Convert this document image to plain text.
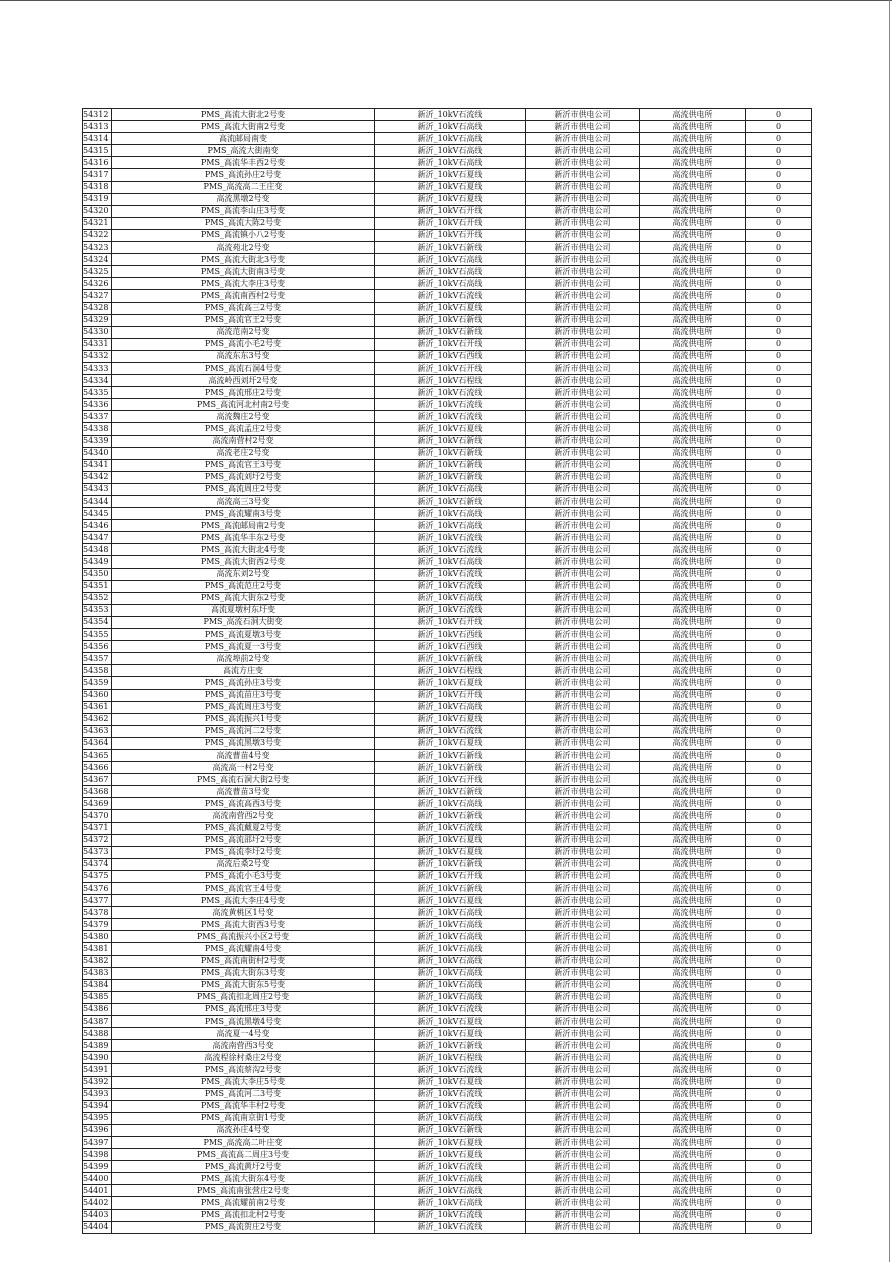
54312	PMS_高流大街北2号变	新沂_10kV石流线	新沂市供电公司	高流供电所	0
54313	PMS_高流大街南2号变	新沂_10kV石高线	新沂市供电公司	高流供电所	0
54314	高流邮局南变	新沂_10kV石高线	新沂市供电公司	高流供电所	0
54315	PMS_高流大街南变	新沂_10kV石高线	新沂市供电公司	高流供电所	0
54316	PMS_高流华丰西2号变	新沂_10kV石高线	新沂市供电公司	高流供电所	0
54317	PMS_高流孙庄2号变	新沂_10kV石夏线	新沂市供电公司	高流供电所	0
54318	PMS_高流高二王庄变	新沂_10kV石夏线	新沂市供电公司	高流供电所	0
54319	高流黑墩2号变	新沂_10kV石夏线	新沂市供电公司	高流供电所	0
54320	PMS_高流李山庄3号变	新沂_10kV石开线	新沂市供电公司	高流供电所	0
54321	PMS_高流大陈2号变	新沂_10kV石开线	新沂市供电公司	高流供电所	0
54322	PMS_高流镇小八2号变	新沂_10kV石开线	新沂市供电公司	高流供电所	0
54323	高流苑北2号变	新沂_10kV石新线	新沂市供电公司	高流供电所	0
54324	PMS_高流大街北3号变	新沂_10kV石高线	新沂市供电公司	高流供电所	0
54325	PMS_高流大街南3号变	新沂_10kV石高线	新沂市供电公司	高流供电所	0
54326	PMS_高流大李庄3号变	新沂_10kV石高线	新沂市供电公司	高流供电所	0
54327	PMS_高流南西村2号变	新沂_10kV石流线	新沂市供电公司	高流供电所	0
54328	PMS_高流高三2号变	新沂_10kV石夏线	新沂市供电公司	高流供电所	0
54329	PMS_高流官王2号变	新沂_10kV石新线	新沂市供电公司	高流供电所	0
54330	高流范南2号变	新沂_10kV石新线	新沂市供电公司	高流供电所	0
54331	PMS_高流小毛2号变	新沂_10kV石开线	新沂市供电公司	高流供电所	0
54332	高流东东3号变	新沂_10kV石西线	新沂市供电公司	高流供电所	0
54333	PMS_高流石洞4号变	新沂_10kV石开线	新沂市供电公司	高流供电所	0
54334	高流岭西刘圩2号变	新沂_10kV石程线	新沂市供电公司	高流供电所	0
54335	PMS_高流邢庄2号变	新沂_10kV石流线	新沂市供电公司	高流供电所	0
54336	PMS_高流河北村南2号变	新沂_10kV石流线	新沂市供电公司	高流供电所	0
54337	高流魏庄2号变	新沂_10kV石流线	新沂市供电公司	高流供电所	0
54338	PMS_高流孟庄2号变	新沂_10kV石夏线	新沂市供电公司	高流供电所	0
54339	高流南营村2号变	新沂_10kV石新线	新沂市供电公司	高流供电所	0
54340	高流老庄2号变	新沂_10kV石新线	新沂市供电公司	高流供电所	0
54341	PMS_高流官王3号变	新沂_10kV石新线	新沂市供电公司	高流供电所	0
54342	PMS_高流刘圩2号变	新沂_10kV石新线	新沂市供电公司	高流供电所	0
54343	PMS_高流周庄2号变	新沂_10kV石高线	新沂市供电公司	高流供电所	0
54344	高流高三3号变	新沂_10kV石新线	新沂市供电公司	高流供电所	0
54345	PMS_高流耀南3号变	新沂_10kV石高线	新沂市供电公司	高流供电所	0
54346	PMS_高流邮局南2号变	新沂_10kV石高线	新沂市供电公司	高流供电所	0
54347	PMS_高流华丰东2号变	新沂_10kV石流线	新沂市供电公司	高流供电所	0
54348	PMS_高流大街北4号变	新沂_10kV石流线	新沂市供电公司	高流供电所	0
54349	PMS_高流大街西2号变	新沂_10kV石高线	新沂市供电公司	高流供电所	0
54350	高流东刘2号变	新沂_10kV石流线	新沂市供电公司	高流供电所	0
54351	PMS_高流范庄2号变	新沂_10kV石流线	新沂市供电公司	高流供电所	0
54352	PMS_高流大街东2号变	新沂_10kV石高线	新沂市供电公司	高流供电所	0
54353	高流夏墩村东圩变	新沂_10kV石流线	新沂市供电公司	高流供电所	0
54354	PMS_高流石洞大街变	新沂_10kV石开线	新沂市供电公司	高流供电所	0
54355	PMS_高流夏墩3号变	新沂_10kV石西线	新沂市供电公司	高流供电所	0
54356	PMS_高流夏一3号变	新沂_10kV石西线	新沂市供电公司	高流供电所	0
54357	高流埠前2号变	新沂_10kV石新线	新沂市供电公司	高流供电所	0
54358	高流方庄变	新沂_10kV石程线	新沂市供电公司	高流供电所	0
54359	PMS_高流孙庄3号变	新沂_10kV石夏线	新沂市供电公司	高流供电所	0
54360	PMS_高流苗庄3号变	新沂_10kV石开线	新沂市供电公司	高流供电所	0
54361	PMS_高流周庄3号变	新沂_10kV石高线	新沂市供电公司	高流供电所	0
54362	PMS_高流振兴1号变	新沂_10kV石夏线	新沂市供电公司	高流供电所	0
54363	PMS_高流河二2号变	新沂_10kV石流线	新沂市供电公司	高流供电所	0
54364	PMS_高流黑墩3号变	新沂_10kV石夏线	新沂市供电公司	高流供电所	0
54365	高流曹苗4号变	新沂_10kV石新线	新沂市供电公司	高流供电所	0
54366	高流高一村2号变	新沂_10kV石新线	新沂市供电公司	高流供电所	0
54367	PMS_高流石洞大街2号变	新沂_10kV石开线	新沂市供电公司	高流供电所	0
54368	高流曹苗3号变	新沂_10kV石新线	新沂市供电公司	高流供电所	0
54369	PMS_高流高西3号变	新沂_10kV石高线	新沂市供电公司	高流供电所	0
54370	高流南营西2号变	新沂_10kV石新线	新沂市供电公司	高流供电所	0
54371	PMS_高流戴夏2号变	新沂_10kV石流线	新沂市供电公司	高流供电所	0
54372	PMS_高流邵圩2号变	新沂_10kV石夏线	新沂市供电公司	高流供电所	0
54373	PMS_高流李圩2号变	新沂_10kV石夏线	新沂市供电公司	高流供电所	0
54374	高流后桑2号变	新沂_10kV石新线	新沂市供电公司	高流供电所	0
54375	PMS_高流小毛3号变	新沂_10kV石开线	新沂市供电公司	高流供电所	0
54376	PMS_高流官王4号变	新沂_10kV石新线	新沂市供电公司	高流供电所	0
54377	PMS_高流大李庄4号变	新沂_10kV石夏线	新沂市供电公司	高流供电所	0
54378	高流黄桃区1号变	新沂_10kV石高线	新沂市供电公司	高流供电所	0
54379	PMS_高流大街西3号变	新沂_10kV石高线	新沂市供电公司	高流供电所	0
54380	PMS_高流振兴小区2号变	新沂_10kV石高线	新沂市供电公司	高流供电所	0
54381	PMS_高流耀南4号变	新沂_10kV石高线	新沂市供电公司	高流供电所	0
54382	PMS_高流南街村2号变	新沂_10kV石高线	新沂市供电公司	高流供电所	0
54383	PMS_高流大街东3号变	新沂_10kV石高线	新沂市供电公司	高流供电所	0
54384	PMS_高流大街东5号变	新沂_10kV石高线	新沂市供电公司	高流供电所	0
54385	PMS_高流扣北周庄2号变	新沂_10kV石高线	新沂市供电公司	高流供电所	0
54386	PMS_高流邢庄3号变	新沂_10kV石流线	新沂市供电公司	高流供电所	0
54387	PMS_高流黑墩4号变	新沂_10kV石夏线	新沂市供电公司	高流供电所	0
54388	高流夏一4号变	新沂_10kV石夏线	新沂市供电公司	高流供电所	0
54389	高流南营西3号变	新沂_10kV石新线	新沂市供电公司	高流供电所	0
54390	高流程徐村桑庄2号变	新沂_10kV石程线	新沂市供电公司	高流供电所	0
54391	PMS_高流蔡沟2号变	新沂_10kV石流线	新沂市供电公司	高流供电所	0
54392	PMS_高流大李庄5号变	新沂_10kV石夏线	新沂市供电公司	高流供电所	0
54393	PMS_高流河二3号变	新沂_10kV石流线	新沂市供电公司	高流供电所	0
54394	PMS_高流华丰村2号变	新沂_10kV石流线	新沂市供电公司	高流供电所	0
54395	PMS_高流南京街1号变	新沂_10kV石高线	新沂市供电公司	高流供电所	0
54396	高流孙庄4号变	新沂_10kV石新线	新沂市供电公司	高流供电所	0
54397	PMS_高流高二叶庄变	新沂_10kV石夏线	新沂市供电公司	高流供电所	0
54398	PMS_高流高二周庄3号变	新沂_10kV石夏线	新沂市供电公司	高流供电所	0
54399	PMS_高流黄圩2号变	新沂_10kV石流线	新沂市供电公司	高流供电所	0
54400	PMS_高流大街东4号变	新沂_10kV石高线	新沂市供电公司	高流供电所	0
54401	PMS_高流南张营庄2号变	新沂_10kV石高线	新沂市供电公司	高流供电所	0
54402	PMS_高流耀前南2号变	新沂_10kV石高线	新沂市供电公司	高流供电所	0
54403	PMS_高流扣北村2号变	新沂_10kV石流线	新沂市供电公司	高流供电所	0
54404	PMS_高流贺庄2号变	新沂_10kV石流线	新沂市供电公司	高流供电所	0
